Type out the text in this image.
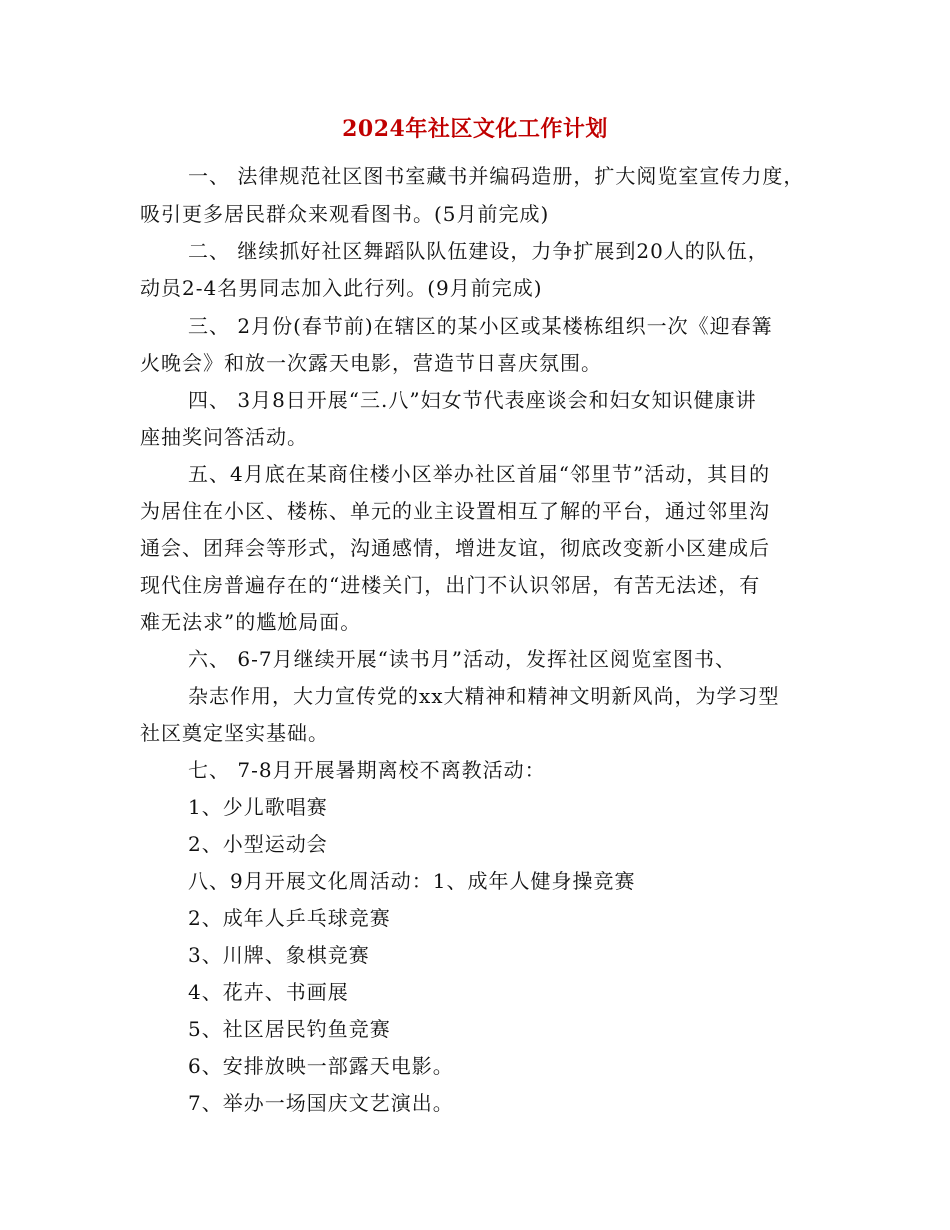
2024年社区文化工作计划
一、 法律规范社区图书室藏书并编码造册，扩大阅览室宣传力度，
吸引更多居民群众来观看图书。(5月前完成)
二、 继续抓好社区舞蹈队队伍建设，力争扩展到20人的队伍，
动员2-4名男同志加入此行列。(9月前完成)
三、 2月份(春节前)在辖区的某小区或某楼栋组织一次《迎春篝
火晚会》和放一次露天电影，营造节日喜庆氛围。
四、 3月8日开展“三.八”妇女节代表座谈会和妇女知识健康讲
座抽奖问答活动。
五、4月底在某商住楼小区举办社区首届“邻里节”活动，其目的
为居住在小区、楼栋、单元的业主设置相互了解的平台，通过邻里沟
通会、团拜会等形式，沟通感情，增进友谊，彻底改变新小区建成后
现代住房普遍存在的“进楼关门，出门不认识邻居，有苦无法述，有
难无法求”的尴尬局面。
六、 6-7月继续开展“读书月”活动，发挥社区阅览室图书、
杂志作用，大力宣传党的xx大精神和精神文明新风尚，为学习型
社区奠定坚实基础。
七、 7-8月开展暑期离校不离教活动：
1、少儿歌唱赛
2、小型运动会
八、9月开展文化周活动：1、成年人健身操竞赛
2、成年人乒乓球竞赛
3、川牌、象棋竞赛
4、花卉、书画展
5、社区居民钓鱼竞赛
6、安排放映一部露天电影。
7、举办一场国庆文艺演出。
